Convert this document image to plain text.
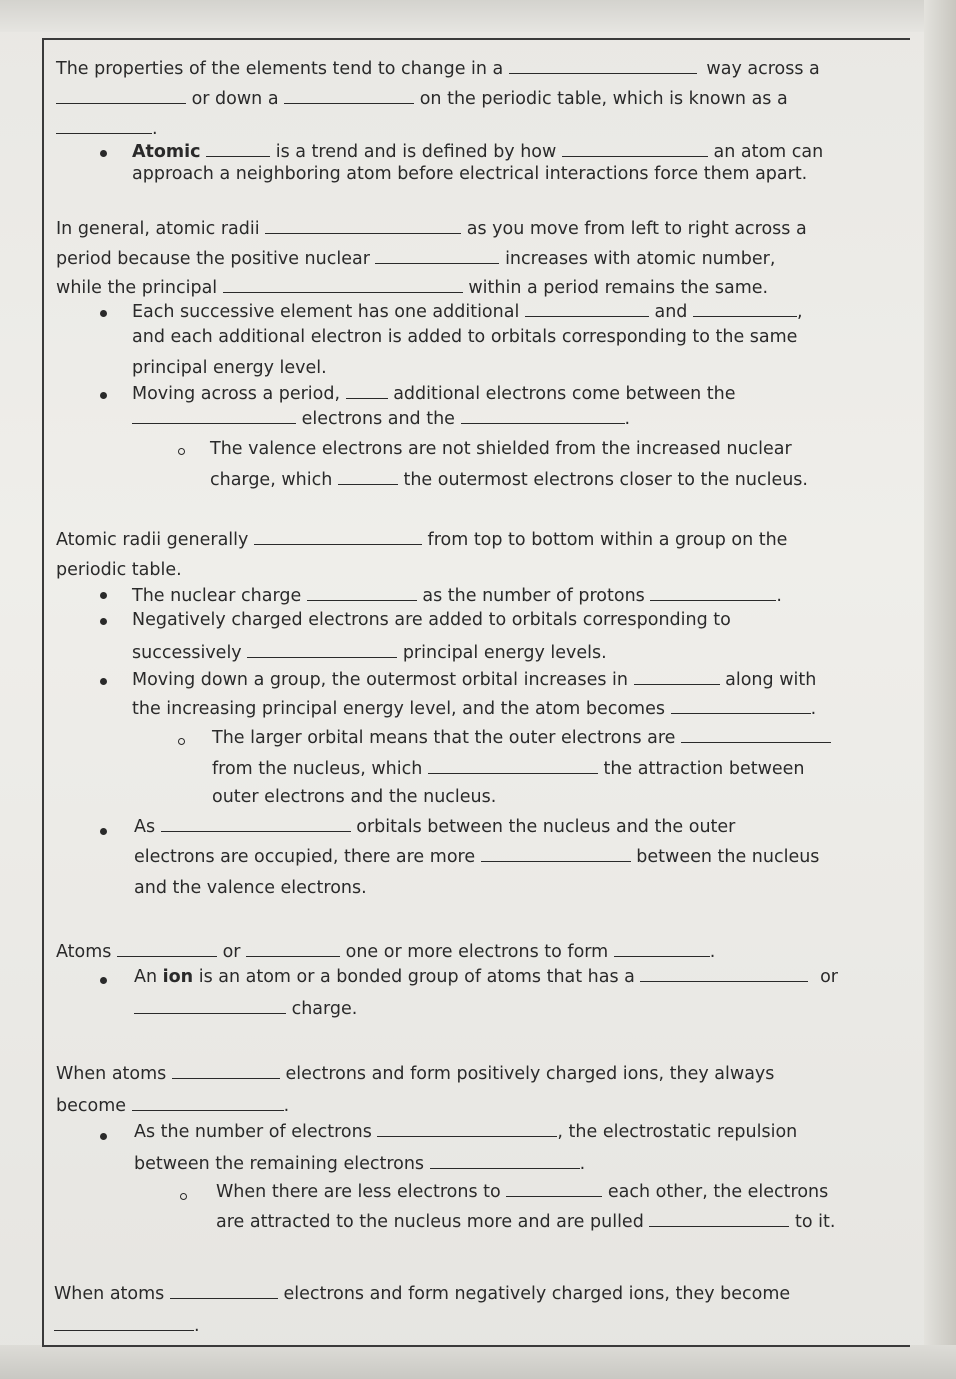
The properties of the elements tend to change in a	way across a
or down a	on the periodic table, which is known as a
.
Atomic	is a trend and is defined by how	an atom can
approach a neighboring atom before electrical interactions force them apart.
In general, atomic radii	as you move from left to right across a
period because the positive nuclear	increases with atomic number,
while the principal	within a period remains the same.
Each successive element has one additional	and	,
and each additional electron is added to orbitals corresponding to the same
principal energy level.
Moving across a period,	additional electrons come between the
electrons and the	.
The valence electrons are not shielded from the increased nuclear
charge, which	the outermost electrons closer to the nucleus.
Atomic radii generally	from top to bottom within a group on the
periodic table.
The nuclear charge	as the number of protons	.
Negatively charged electrons are added to orbitals corresponding to
successively	principal energy levels.
Moving down a group, the outermost orbital increases in	along with
the increasing principal energy level, and the atom becomes	.
The larger orbital means that the outer electrons are
from the nucleus, which	the attraction between
outer electrons and the nucleus.
As	orbitals between the nucleus and the outer
electrons are occupied, there are more	between the nucleus
and the valence electrons.
Atoms	or	one or more electrons to form	.
An ion is an atom or a bonded group of atoms that has a	or
charge.
When atoms	electrons and form positively charged ions, they always
become	.
As the number of electrons	, the electrostatic repulsion
between the remaining electrons	.
When there are less electrons to	each other, the electrons
are attracted to the nucleus more and are pulled	to it.
When atoms	electrons and form negatively charged ions, they become
.
